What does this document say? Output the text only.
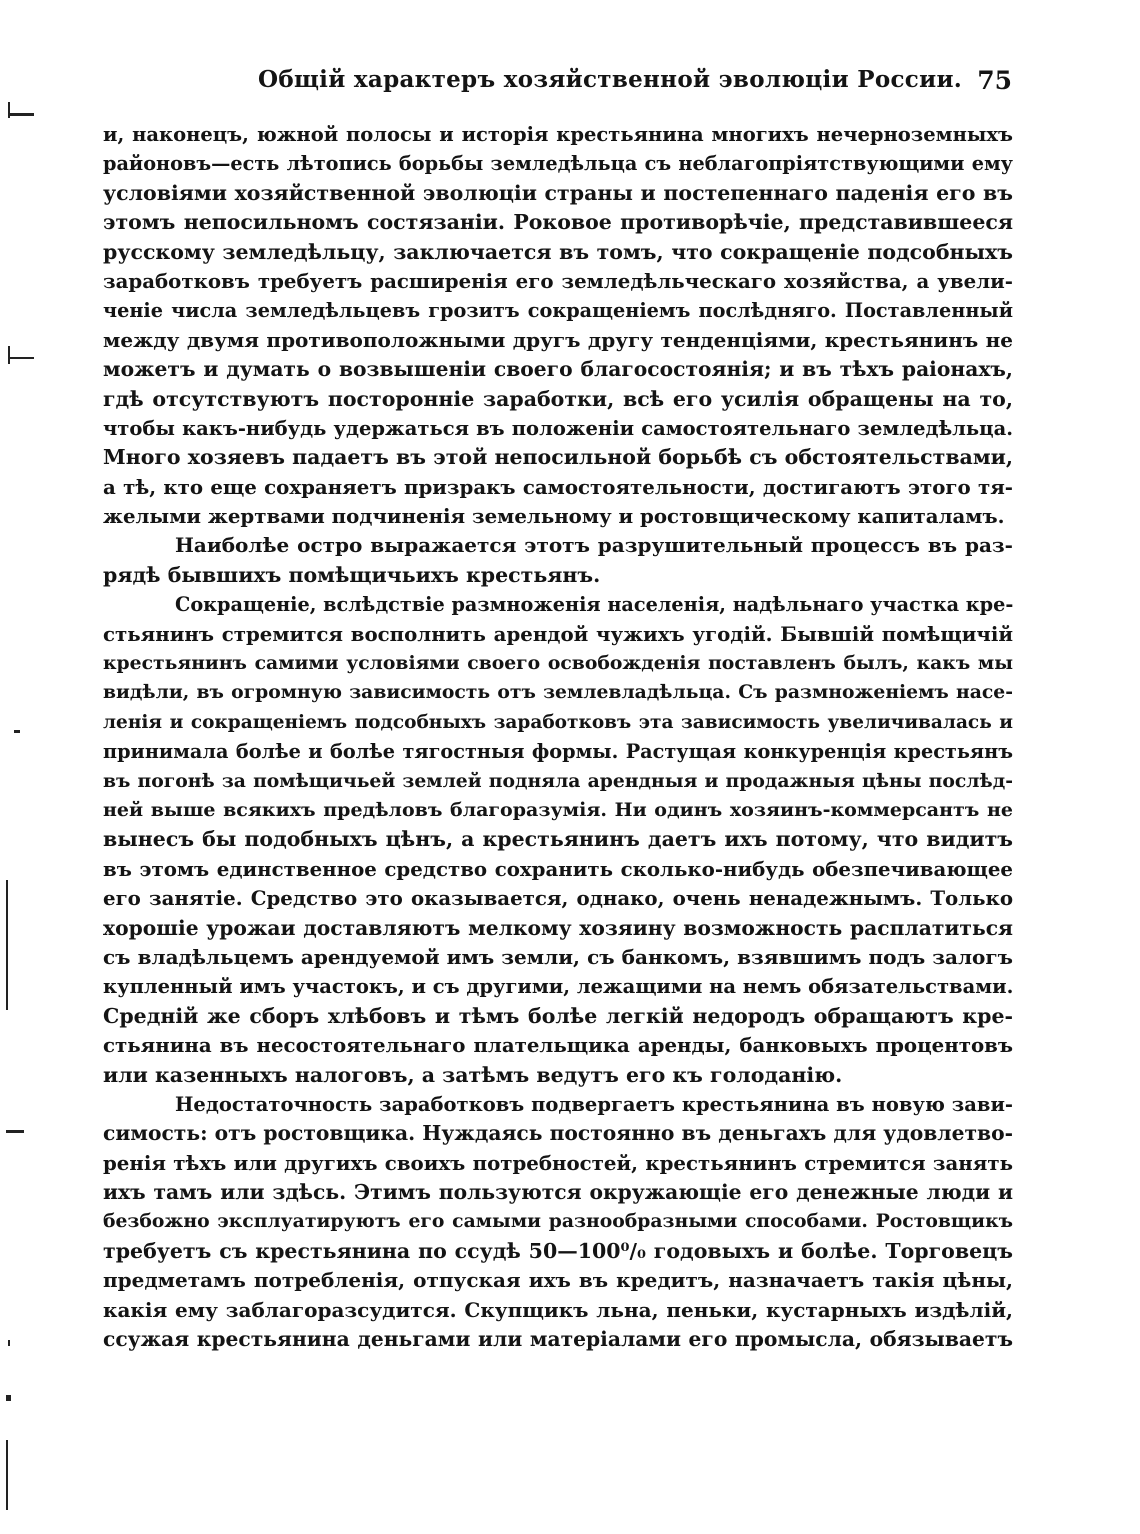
Общій характеръ хозяйственной эволюціи России. 75
и, наконецъ, южной полосы и исторія крестьянина многихъ нечерноземныхъ
районовъ—есть лѣтопись борьбы земледѣльца съ неблагопріятствующими ему
условіями хозяйственной эволюціи страны и постепеннаго паденія его въ
этомъ непосильномъ состязаніи. Роковое противорѣчіе, представившееся
русскому земледѣльцу, заключается въ томъ, что сокращеніе подсобныхъ
заработковъ требуетъ расширенія его земледѣльческаго хозяйства, а увели-
ченіе числа земледѣльцевъ грозитъ сокращеніемъ послѣдняго. Поставленный
между двумя противоположными другъ другу тенденціями, крестьянинъ не
можетъ и думать о возвышеніи своего благосостоянія; и въ тѣхъ раіонахъ,
гдѣ отсутствуютъ посторонніе заработки, всѣ его усилія обращены на то,
чтобы какъ-нибудь удержаться въ положеніи самостоятельнаго земледѣльца.
Много хозяевъ падаетъ въ этой непосильной борьбѣ съ обстоятельствами,
а тѣ, кто еще сохраняетъ призракъ самостоятельности, достигаютъ этого тя-
желыми жертвами подчиненія земельному и ростовщическому капиталамъ.
Наиболѣе остро выражается этотъ разрушительный процессъ въ раз-
рядѣ бывшихъ помѣщичьихъ крестьянъ.
Сокращеніе, вслѣдствіе размноженія населенія, надѣльнаго участка кре-
стьянинъ стремится восполнить арендой чужихъ угодій. Бывшій помѣщичій
крестьянинъ самими условіями своего освобожденія поставленъ былъ, какъ мы
видѣли, въ огромную зависимость отъ землевладѣльца. Съ размноженіемъ насе-
ленія и сокращеніемъ подсобныхъ заработковъ эта зависимость увеличивалась и
принимала болѣе и болѣе тягостныя формы. Растущая конкуренція крестьянъ
въ погонѣ за помѣщичьей землей подняла арендныя и продажныя цѣны послѣд-
ней выше всякихъ предѣловъ благоразумія. Ни одинъ хозяинъ-коммерсантъ не
вынесъ бы подобныхъ цѣнъ, а крестьянинъ даетъ ихъ потому, что видитъ
въ этомъ единственное средство сохранить сколько-нибудь обезпечивающее
его занятіе. Средство это оказывается, однако, очень ненадежнымъ. Только
хорошіе урожаи доставляютъ мелкому хозяину возможность расплатиться
съ владѣльцемъ арендуемой имъ земли, съ банкомъ, взявшимъ подъ залогъ
купленный имъ участокъ, и съ другими, лежащими на немъ обязательствами.
Средній же сборъ хлѣбовъ и тѣмъ болѣе легкій недородъ обращаютъ кре-
стьянина въ несостоятельнаго плательщика аренды, банковыхъ процентовъ
или казенныхъ налоговъ, а затѣмъ ведутъ его къ голоданію.
Недостаточность заработковъ подвергаетъ крестьянина въ новую зави-
симость: отъ ростовщика. Нуждаясь постоянно въ деньгахъ для удовлетво-
ренія тѣхъ или другихъ своихъ потребностей, крестьянинъ стремится занять
ихъ тамъ или здѣсь. Этимъ пользуются окружающіе его денежные люди и
безбожно эксплуатируютъ его самыми разнообразными способами. Ростовщикъ
требуетъ съ крестьянина по ссудѣ 50—100⁰/₀ годовыхъ и болѣе. Торговецъ
предметамъ потребленія, отпуская ихъ въ кредитъ, назначаетъ такія цѣны,
какія ему заблагоразсудится. Скупщикъ льна, пеньки, кустарныхъ издѣлій,
ссужая крестьянина деньгами или матеріалами его промысла, обязываетъ
